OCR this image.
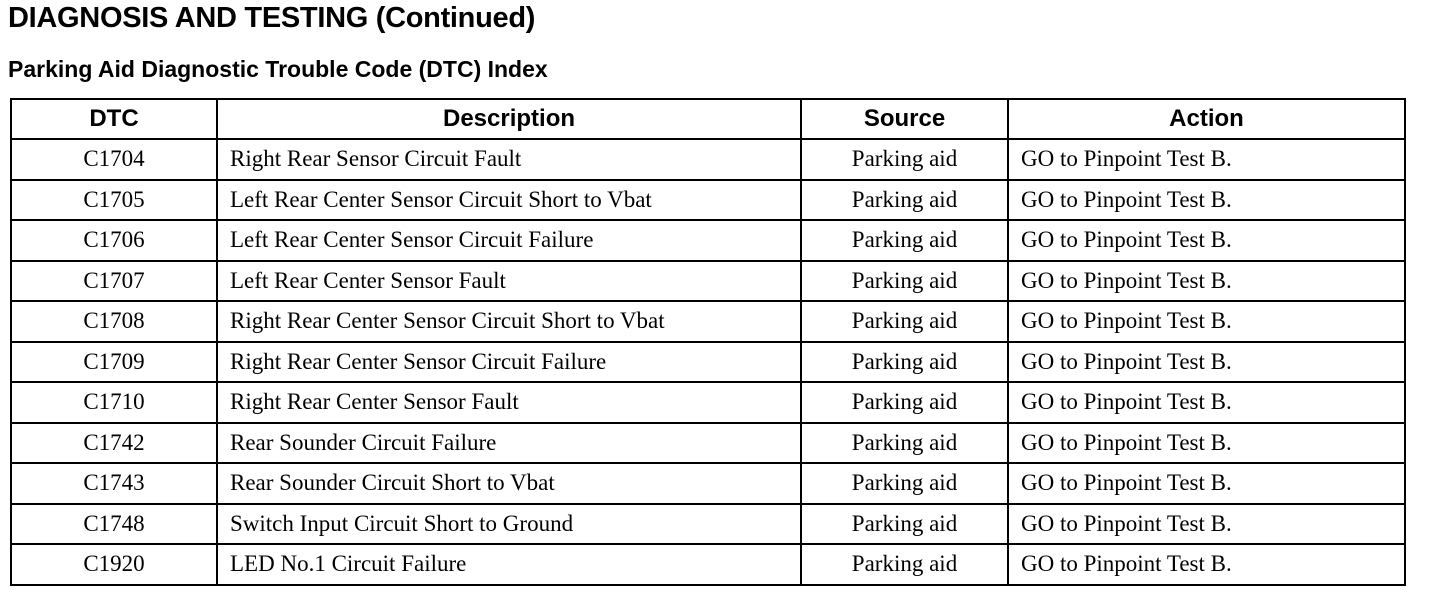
DIAGNOSIS AND TESTING (Continued)
Parking Aid Diagnostic Trouble Code (DTC) Index
DTC	Description	Source	Action
C1704	Right Rear Sensor Circuit Fault	Parking aid	GO to Pinpoint Test B.
C1705	Left Rear Center Sensor Circuit Short to Vbat	Parking aid	GO to Pinpoint Test B.
C1706	Left Rear Center Sensor Circuit Failure	Parking aid	GO to Pinpoint Test B.
C1707	Left Rear Center Sensor Fault	Parking aid	GO to Pinpoint Test B.
C1708	Right Rear Center Sensor Circuit Short to Vbat	Parking aid	GO to Pinpoint Test B.
C1709	Right Rear Center Sensor Circuit Failure	Parking aid	GO to Pinpoint Test B.
C1710	Right Rear Center Sensor Fault	Parking aid	GO to Pinpoint Test B.
C1742	Rear Sounder Circuit Failure	Parking aid	GO to Pinpoint Test B.
C1743	Rear Sounder Circuit Short to Vbat	Parking aid	GO to Pinpoint Test B.
C1748	Switch Input Circuit Short to Ground	Parking aid	GO to Pinpoint Test B.
C1920	LED No.1 Circuit Failure	Parking aid	GO to Pinpoint Test B.
